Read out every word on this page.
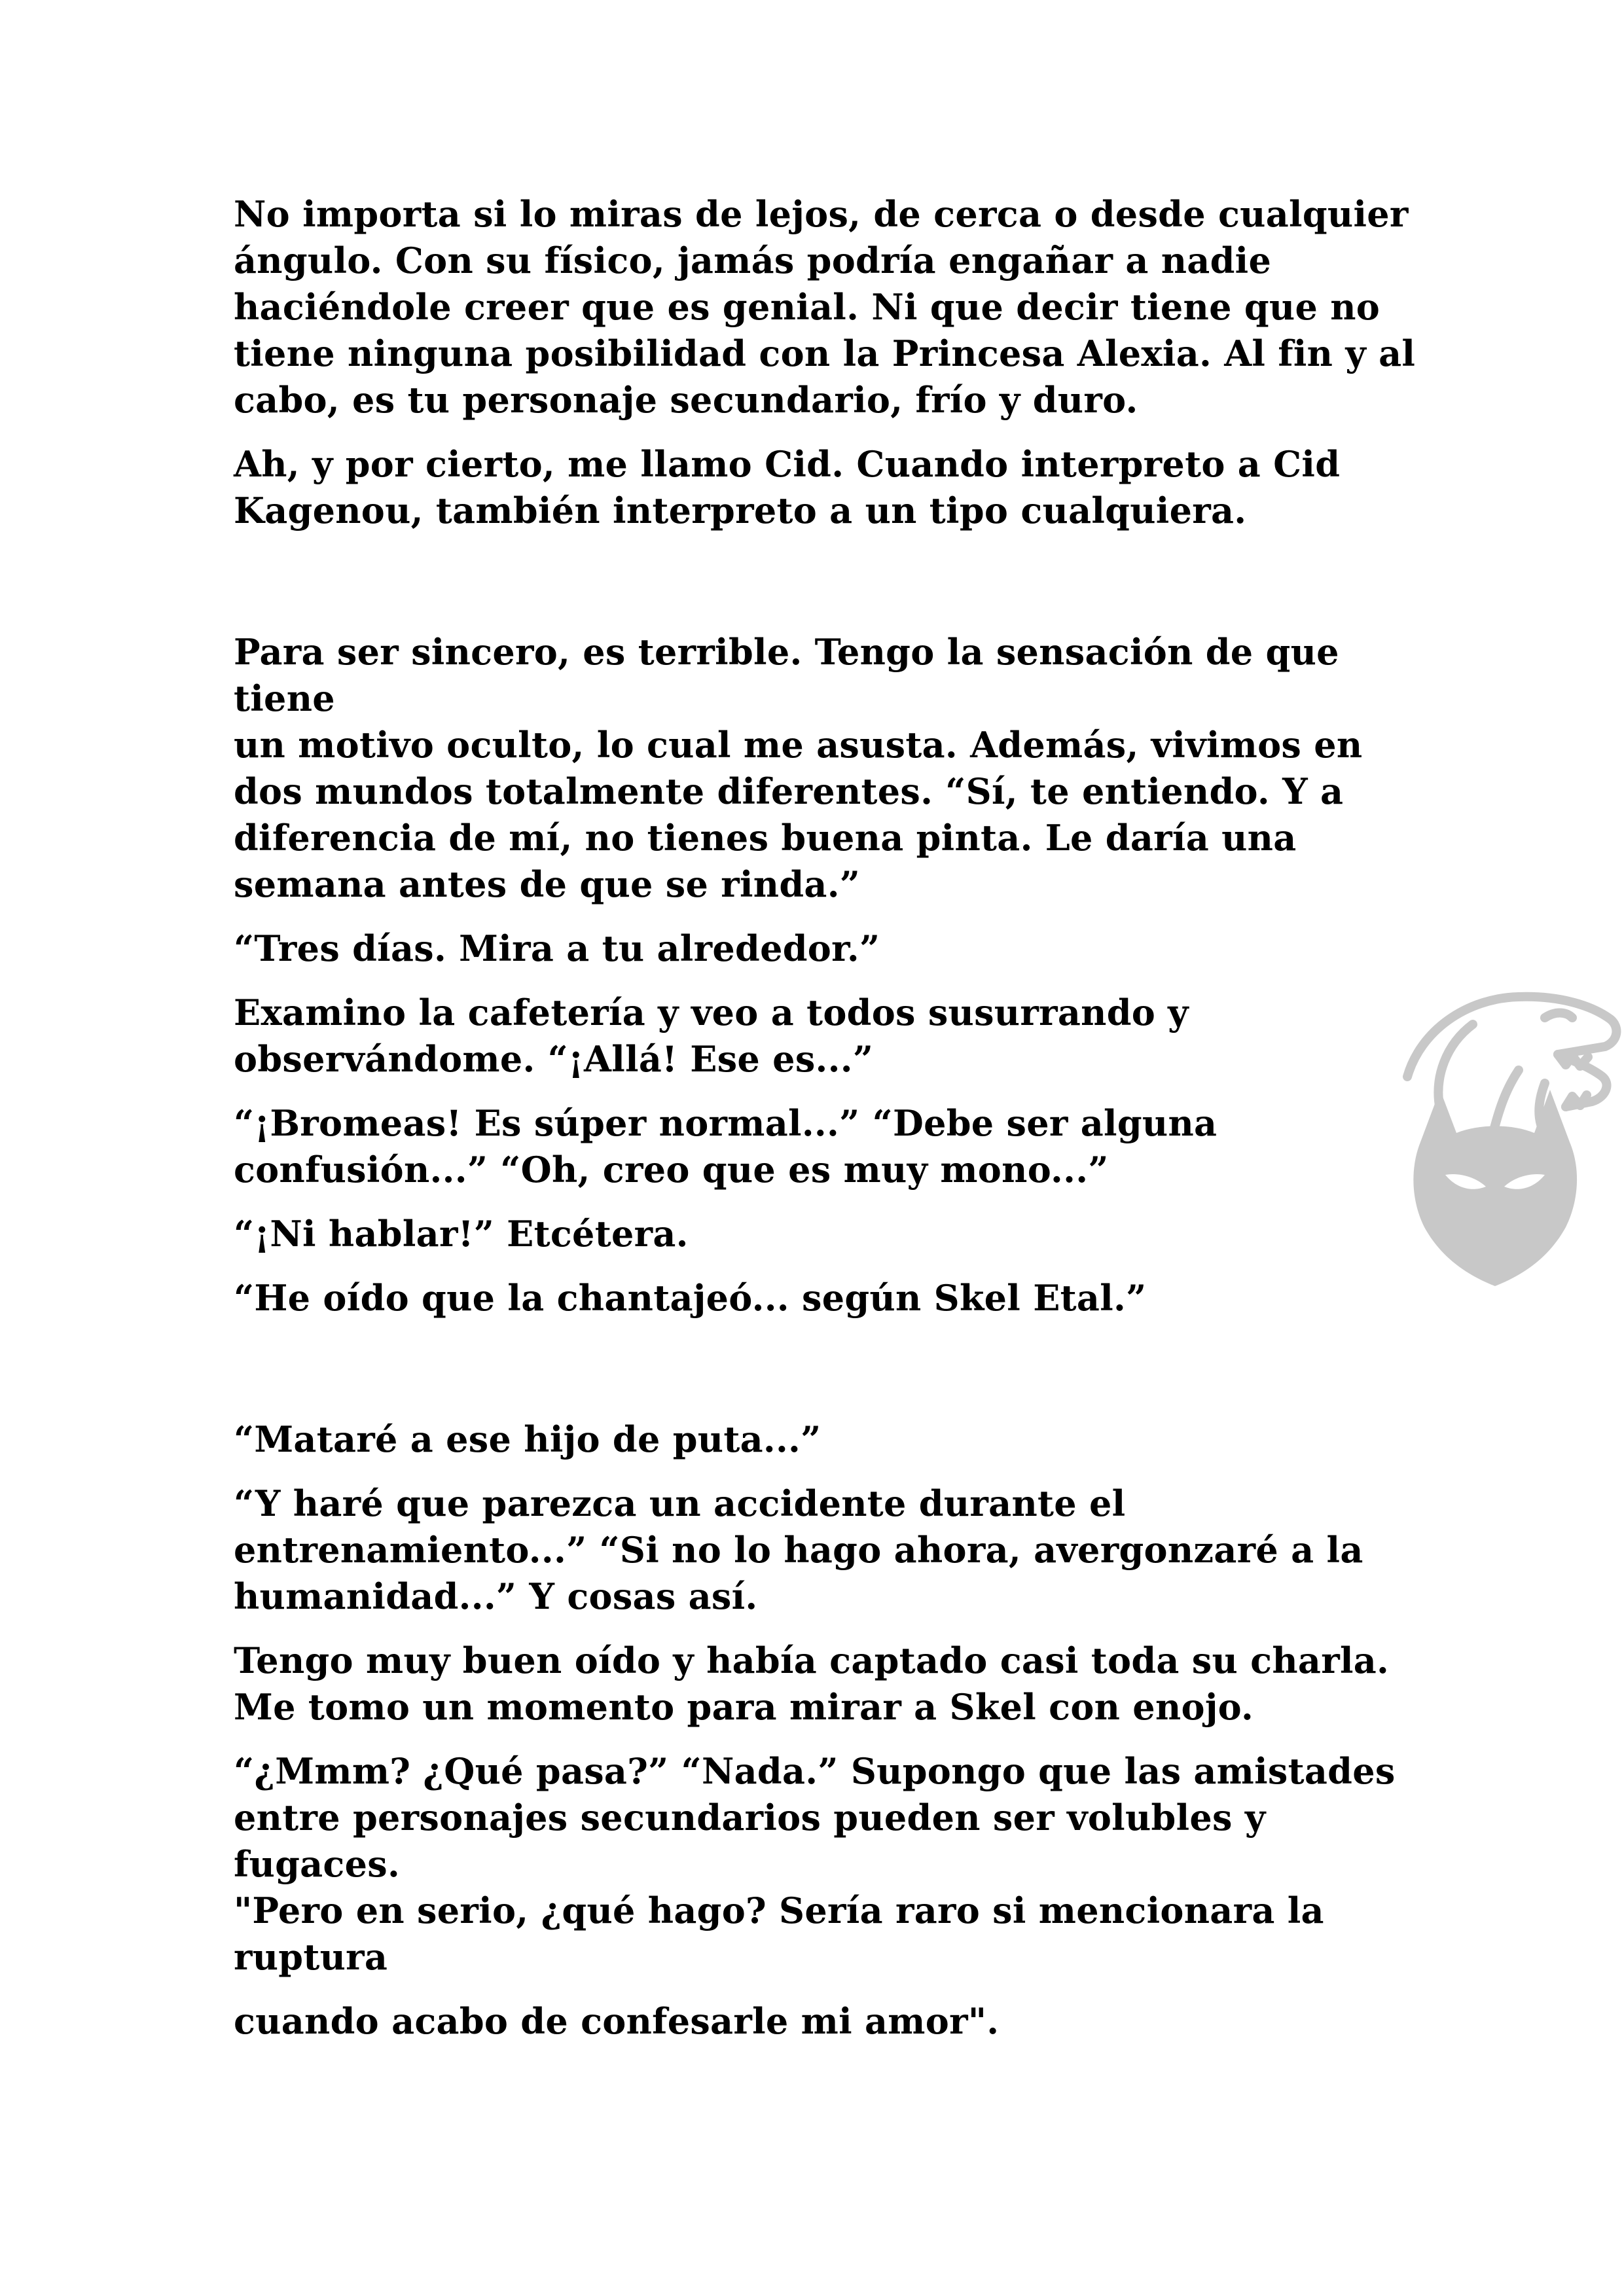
No importa si lo miras de lejos, de cerca o desde cualquier
ángulo. Con su físico, jamás podría engañar a nadie
haciéndole creer que es genial. Ni que decir tiene que no
tiene ninguna posibilidad con la Princesa Alexia. Al fin y al
cabo, es tu personaje secundario, frío y duro.

Ah, y por cierto, me llamo Cid. Cuando interpreto a Cid
Kagenou, también interpreto a un tipo cualquiera.

Para ser sincero, es terrible. Tengo la sensación de que tiene
un motivo oculto, lo cual me asusta. Además, vivimos en
dos mundos totalmente diferentes. “Sí, te entiendo. Y a
diferencia de mí, no tienes buena pinta. Le daría una
semana antes de que se rinda.”

“Tres días. Mira a tu alrededor.”

Examino la cafetería y veo a todos susurrando y
observándome. “¡Allá! Ese es...”

“¡Bromeas! Es súper normal...” “Debe ser alguna
confusión...” “Oh, creo que es muy mono...”

“¡Ni hablar!” Etcétera.

“He oído que la chantajeó... según Skel Etal.”

“Mataré a ese hijo de puta...”

“Y haré que parezca un accidente durante el
entrenamiento...” “Si no lo hago ahora, avergonzaré a la
humanidad...” Y cosas así.

Tengo muy buen oído y había captado casi toda su charla.
Me tomo un momento para mirar a Skel con enojo.

“¿Mmm? ¿Qué pasa?” “Nada.” Supongo que las amistades
entre personajes secundarios pueden ser volubles y fugaces.
"Pero en serio, ¿qué hago? Sería raro si mencionara la
ruptura

cuando acabo de confesarle mi amor".
